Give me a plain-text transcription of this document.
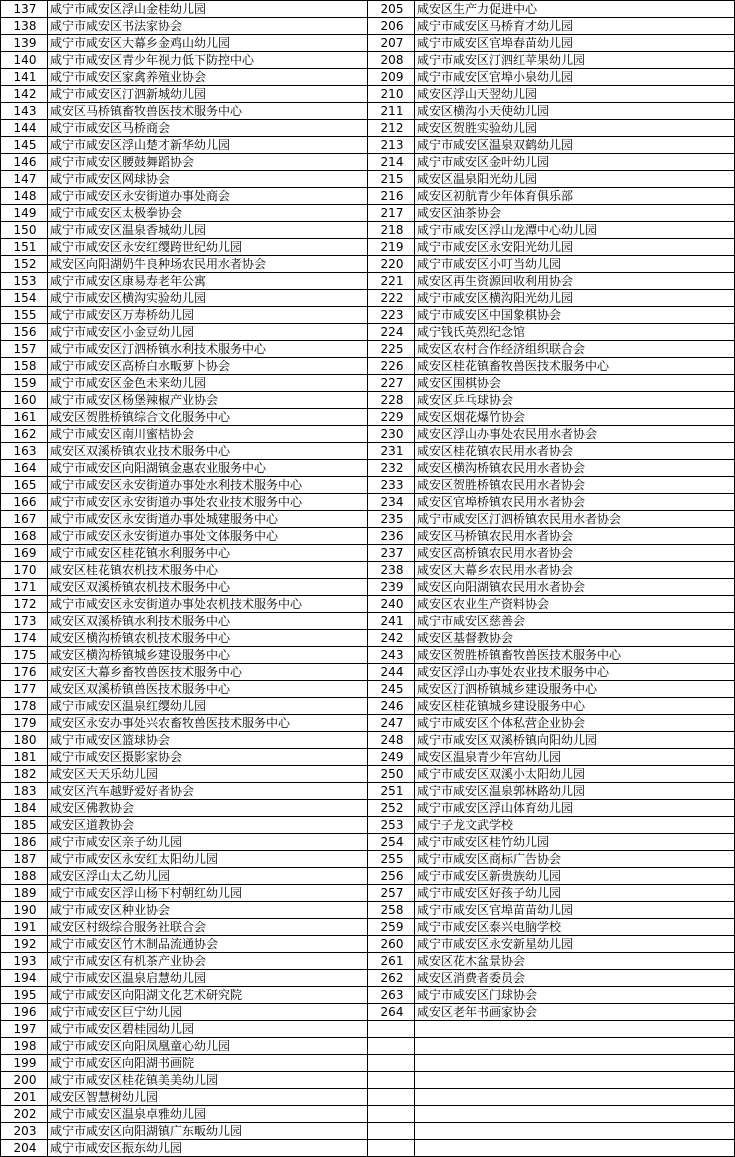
137	咸宁市咸安区浮山金桂幼儿园	205	咸安区生产力促进中心
138	咸宁市咸安区书法家协会	206	咸宁市咸安区马桥育才幼儿园
139	咸宁市咸安区大幕乡金鸡山幼儿园	207	咸宁市咸安区官埠春苗幼儿园
140	咸宁市咸安区青少年视力低下防控中心	208	咸宁市咸安区汀泗红苹果幼儿园
141	咸宁市咸安区家禽养殖业协会	209	咸宁市咸安区官埠小泉幼儿园
142	咸宁市咸安区汀泗新城幼儿园	210	咸安区浮山天翌幼儿园
143	咸安区马桥镇畜牧兽医技术服务中心	211	咸安区横沟小天使幼儿园
144	咸宁市咸安区马桥商会	212	咸安区贺胜实验幼儿园
145	咸宁市咸安区浮山楚才新华幼儿园	213	咸宁市咸安区温泉双鹤幼儿园
146	咸宁市咸安区腰鼓舞蹈协会	214	咸宁市咸安区金叶幼儿园
147	咸宁市咸安区网球协会	215	咸安区温泉阳光幼儿园
148	咸宁市咸安区永安街道办事处商会	216	咸安区初航青少年体育俱乐部
149	咸宁市咸安区太极拳协会	217	咸安区油茶协会
150	咸宁市咸安区温泉香城幼儿园	218	咸宁市咸安区浮山龙潭中心幼儿园
151	咸宁市咸安区永安红缨跨世纪幼儿园	219	咸宁市咸安区永安阳光幼儿园
152	咸安区向阳湖奶牛良种场农民用水者协会	220	咸宁市咸安区小叮当幼儿园
153	咸宁市咸安区康易寿老年公寓	221	咸安区再生资源回收利用协会
154	咸宁市咸安区横沟实验幼儿园	222	咸宁市咸安区横沟阳光幼儿园
155	咸宁市咸安区万寿桥幼儿园	223	咸宁市咸安区中国象棋协会
156	咸宁市咸安区小金豆幼儿园	224	咸宁钱氏英烈纪念馆
157	咸宁市咸安区汀泗桥镇水利技术服务中心	225	咸安区农村合作经济组织联合会
158	咸宁市咸安区高桥白水畈萝卜协会	226	咸安区桂花镇畜牧兽医技术服务中心
159	咸宁市咸安区金色未来幼儿园	227	咸安区围棋协会
160	咸宁市咸安区杨堡辣椒产业协会	228	咸安区乒乓球协会
161	咸安区贺胜桥镇综合文化服务中心	229	咸安区烟花爆竹协会
162	咸宁市咸安区南川蜜桔协会	230	咸安区浮山办事处农民用水者协会
163	咸安区双溪桥镇农业技术服务中心	231	咸安区桂花镇农民用水者协会
164	咸宁市咸安区向阳湖镇金惠农业服务中心	232	咸安区横沟桥镇农民用水者协会
165	咸宁市咸安区永安街道办事处水利技术服务中心	233	咸安区贺胜桥镇农民用水者协会
166	咸宁市咸安区永安街道办事处农业技术服务中心	234	咸安区官埠桥镇农民用水者协会
167	咸宁市咸安区永安街道办事处城建服务中心	235	咸宁市咸安区汀泗桥镇农民用水者协会
168	咸宁市咸安区永安街道办事处文体服务中心	236	咸安区马桥镇农民用水者协会
169	咸宁市咸安区桂花镇水利服务中心	237	咸安区高桥镇农民用水者协会
170	咸安区桂花镇农机技术服务中心	238	咸安区大幕乡农民用水者协会
171	咸安区双溪桥镇农机技术服务中心	239	咸安区向阳湖镇农民用水者协会
172	咸宁市咸安区永安街道办事处农机技术服务中心	240	咸安区农业生产资料协会
173	咸安区双溪桥镇水利技术服务中心	241	咸宁市咸安区慈善会
174	咸安区横沟桥镇农机技术服务中心	242	咸安区基督教协会
175	咸安区横沟桥镇城乡建设服务中心	243	咸安区贺胜桥镇畜牧兽医技术服务中心
176	咸安区大幕乡畜牧兽医技术服务中心	244	咸安区浮山办事处农业技术服务中心
177	咸安区双溪桥镇兽医技术服务中心	245	咸安区汀泗桥镇城乡建设服务中心
178	咸宁市咸安区温泉红缨幼儿园	246	咸安区桂花镇城乡建设服务中心
179	咸安区永安办事处兴农畜牧兽医技术服务中心	247	咸宁市咸安区个体私营企业协会
180	咸宁市咸安区篮球协会	248	咸宁市咸安区双溪桥镇向阳幼儿园
181	咸宁市咸安区摄影家协会	249	咸安区温泉青少年宫幼儿园
182	咸安区天天乐幼儿园	250	咸宁市咸安区双溪小太阳幼儿园
183	咸安区汽车越野爱好者协会	251	咸宁市咸安区温泉郭林路幼儿园
184	咸安区佛教协会	252	咸宁市咸安区浮山体育幼儿园
185	咸安区道教协会	253	咸宁子龙文武学校
186	咸宁市咸安区亲子幼儿园	254	咸宁市咸安区桂竹幼儿园
187	咸宁市咸安区永安红太阳幼儿园	255	咸宁市咸安区商标广告协会
188	咸安区浮山太乙幼儿园	256	咸宁市咸安区新贵族幼儿园
189	咸宁市咸安区浮山杨下村朝红幼儿园	257	咸宁市咸安区好孩子幼儿园
190	咸宁市咸安区种业协会	258	咸宁市咸安区官埠苗苗幼儿园
191	咸安区村级综合服务社联合会	259	咸宁市咸安区泰兴电脑学校
192	咸宁市咸安区竹木制品流通协会	260	咸宁市咸安区永安新星幼儿园
193	咸宁市咸安区有机茶产业协会	261	咸安区花木盆景协会
194	咸宁市咸安区温泉启慧幼儿园	262	咸安区消费者委员会
195	咸宁市咸安区向阳湖文化艺术研究院	263	咸宁市咸安区门球协会
196	咸宁市咸安区巨宁幼儿园	264	咸安区老年书画家协会
197	咸宁市咸安区碧桂园幼儿园		
198	咸宁市咸安区向阳凤凰童心幼儿园		
199	咸宁市咸安区向阳湖书画院		
200	咸宁市咸安区桂花镇美美幼儿园		
201	咸安区智慧树幼儿园		
202	咸宁市咸安区温泉卓雅幼儿园		
203	咸宁市咸安区向阳湖镇广东畈幼儿园		
204	咸宁市咸安区振东幼儿园		
